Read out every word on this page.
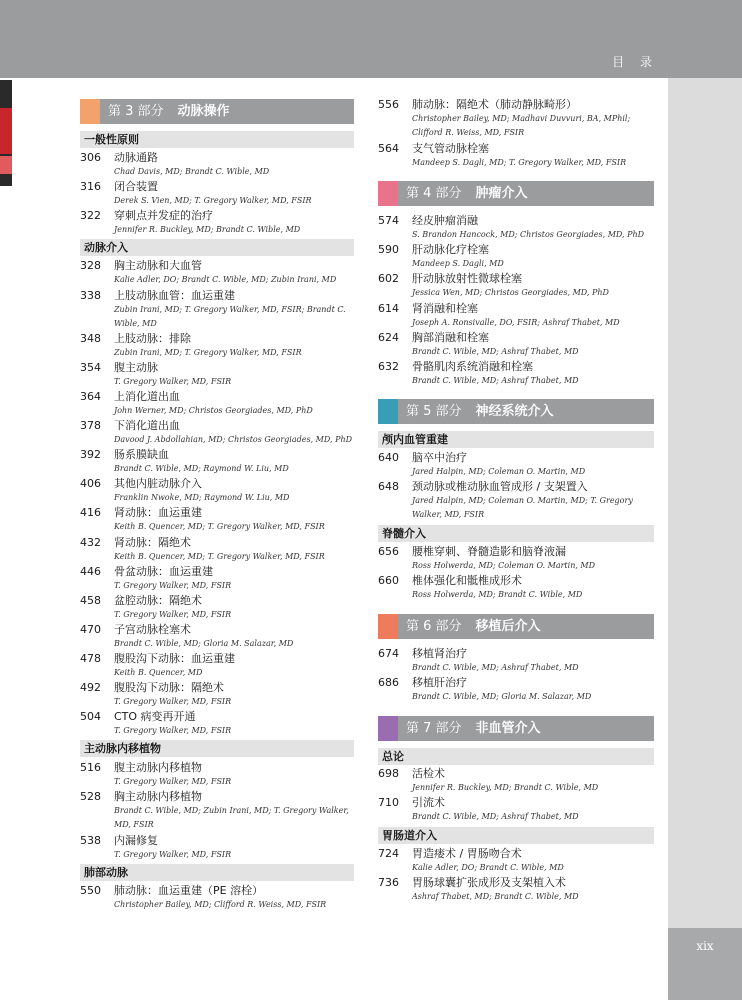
目 录
xix
第 3 部分 动脉操作
一般性原则
306 动脉通路
Chad Davis, MD; Brandt C. Wible, MD
316 闭合装置
Derek S. Vien, MD; T. Gregory Walker, MD, FSIR
322 穿刺点并发症的治疗
Jennifer R. Buckley, MD; Brandt C. Wible, MD
动脉介入
328 胸主动脉和大血管
Kalie Adler, DO; Brandt C. Wible, MD; Zubin Irani, MD
338 上肢动脉血管：血运重建
Zubin Irani, MD; T. Gregory Walker, MD, FSIR; Brandt C. Wible, MD
348 上肢动脉：排除
Zubin Irani, MD; T. Gregory Walker, MD, FSIR
354 腹主动脉
T. Gregory Walker, MD, FSIR
364 上消化道出血
John Werner, MD; Christos Georgiades, MD, PhD
378 下消化道出血
Davood J. Abdollahian, MD; Christos Georgiades, MD, PhD
392 肠系膜缺血
Brandt C. Wible, MD; Raymond W. Liu, MD
406 其他内脏动脉介入
Franklin Nwoke, MD; Raymond W. Liu, MD
416 肾动脉：血运重建
Keith B. Quencer, MD; T. Gregory Walker, MD, FSIR
432 肾动脉：隔绝术
Keith B. Quencer, MD; T. Gregory Walker, MD, FSIR
446 骨盆动脉：血运重建
T. Gregory Walker, MD, FSIR
458 盆腔动脉：隔绝术
T. Gregory Walker, MD, FSIR
470 子宫动脉栓塞术
Brandt C. Wible, MD; Gloria M. Salazar, MD
478 腹股沟下动脉：血运重建
Keith B. Quencer, MD
492 腹股沟下动脉：隔绝术
T. Gregory Walker, MD, FSIR
504 CTO 病变再开通
T. Gregory Walker, MD, FSIR
主动脉内移植物
516 腹主动脉内移植物
T. Gregory Walker, MD, FSIR
528 胸主动脉内移植物
Brandt C. Wible, MD; Zubin Irani, MD; T. Gregory Walker, MD, FSIR
538 内漏修复
T. Gregory Walker, MD, FSIR
肺部动脉
550 肺动脉：血运重建（PE 溶栓）
Christopher Bailey, MD; Clifford R. Weiss, MD, FSIR
556 肺动脉：隔绝术（肺动静脉畸形）
Christopher Bailey, MD; Madhavi Duvvuri, BA, MPhil; Clifford R. Weiss, MD, FSIR
564 支气管动脉栓塞
Mandeep S. Dagli, MD; T. Gregory Walker, MD, FSIR
第 4 部分 肿瘤介入
574 经皮肿瘤消融
S. Brandon Hancock, MD; Christos Georgiades, MD, PhD
590 肝动脉化疗栓塞
Mandeep S. Dagli, MD
602 肝动脉放射性微球栓塞
Jessica Wen, MD; Christos Georgiades, MD, PhD
614 肾消融和栓塞
Joseph A. Ronsivalle, DO, FSIR; Ashraf Thabet, MD
624 胸部消融和栓塞
Brandt C. Wible, MD; Ashraf Thabet, MD
632 骨骼肌肉系统消融和栓塞
Brandt C. Wible, MD; Ashraf Thabet, MD
第 5 部分 神经系统介入
颅内血管重建
640 脑卒中治疗
Jared Halpin, MD; Coleman O. Martin, MD
648 颈动脉或椎动脉血管成形 / 支架置入
Jared Halpin, MD; Coleman O. Martin, MD; T. Gregory Walker, MD, FSIR
脊髓介入
656 腰椎穿刺、脊髓造影和脑脊液漏
Ross Holwerda, MD; Coleman O. Martin, MD
660 椎体强化和骶椎成形术
Ross Holwerda, MD; Brandt C. Wible, MD
第 6 部分 移植后介入
674 移植肾治疗
Brandt C. Wible, MD; Ashraf Thabet, MD
686 移植肝治疗
Brandt C. Wible, MD; Gloria M. Salazar, MD
第 7 部分 非血管介入
总论
698 活检术
Jennifer R. Buckley, MD; Brandt C. Wible, MD
710 引流术
Brandt C. Wible, MD; Ashraf Thabet, MD
胃肠道介入
724 胃造瘘术 / 胃肠吻合术
Kalie Adler, DO; Brandt C. Wible, MD
736 胃肠球囊扩张成形及支架植入术
Ashraf Thabet, MD; Brandt C. Wible, MD
